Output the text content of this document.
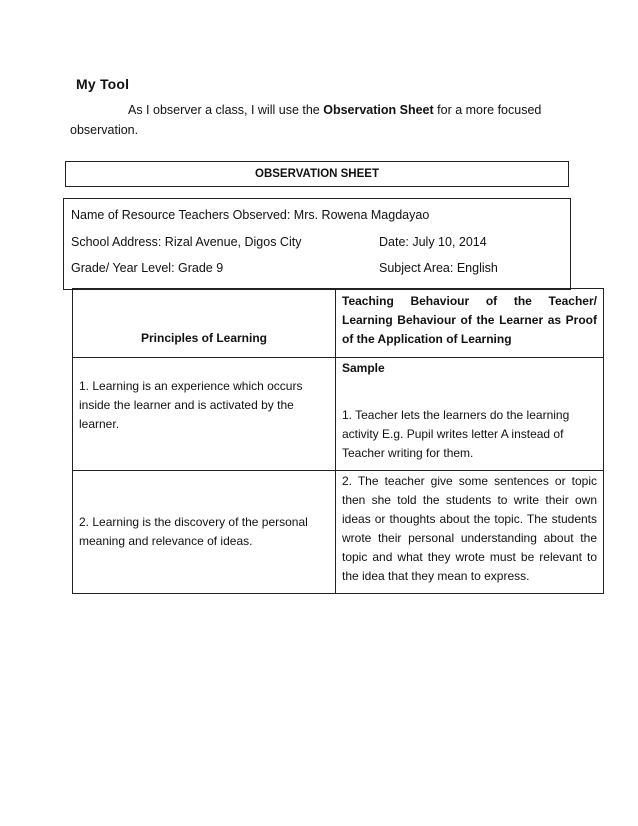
My Tool
As I observer a class, I will use the Observation Sheet for a more focused observation.
OBSERVATION SHEET
Name of Resource Teachers Observed: Mrs. Rowena Magdayao
School Address: Rizal Avenue, Digos City	Date: July 10, 2014
Grade/ Year Level: Grade 9	Subject Area: English
Principles of Learning	Teaching Behaviour of the Teacher/ Learning Behaviour of the Learner as Proof of the Application of Learning

1. Learning is an experience which occurs inside the learner and is activated by the learner.	Sample
1. Teacher lets the learners do the learning activity E.g. Pupil writes letter A instead of Teacher writing for them.

2. Learning is the discovery of the personal meaning and relevance of ideas.	2. The teacher give some sentences or topic then she told the students to write their own ideas or thoughts about the topic. The students wrote their personal understanding about the topic and what they wrote must be relevant to the idea that they mean to express.
